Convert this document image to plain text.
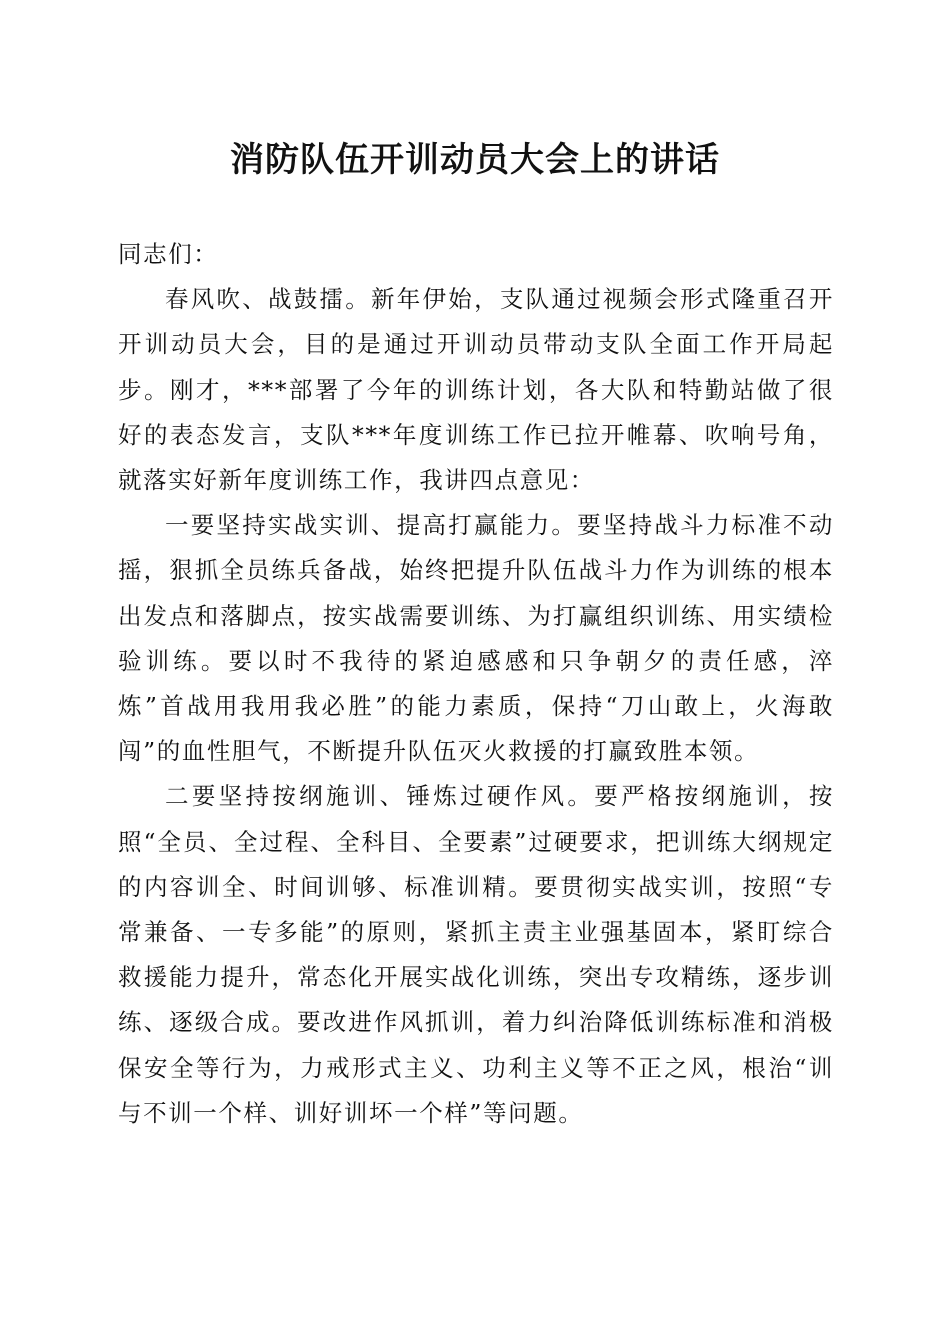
消防队伍开训动员大会上的讲话

同志们：

春风吹、战鼓擂。新年伊始，支队通过视频会形式隆重召开开训动员大会，目的是通过开训动员带动支队全面工作开局起步。刚才，***部署了今年的训练计划，各大队和特勤站做了很好的表态发言，支队***年度训练工作已拉开帷幕、吹响号角，就落实好新年度训练工作，我讲四点意见：

一要坚持实战实训、提高打赢能力。要坚持战斗力标准不动摇，狠抓全员练兵备战，始终把提升队伍战斗力作为训练的根本出发点和落脚点，按实战需要训练、为打赢组织训练、用实绩检验训练。要以时不我待的紧迫感感和只争朝夕的责任感，淬炼”首战用我用我必胜”的能力素质，保持“刀山敢上，火海敢闯”的血性胆气，不断提升队伍灭火救援的打赢致胜本领。

二要坚持按纲施训、锤炼过硬作风。要严格按纲施训，按照“全员、全过程、全科目、全要素”过硬要求，把训练大纲规定的内容训全、时间训够、标准训精。要贯彻实战实训，按照“专常兼备、一专多能”的原则，紧抓主责主业强基固本，紧盯综合救援能力提升，常态化开展实战化训练，突出专攻精练，逐步训练、逐级合成。要改进作风抓训，着力纠治降低训练标准和消极保安全等行为，力戒形式主义、功利主义等不正之风，根治“训与不训一个样、训好训坏一个样”等问题。
